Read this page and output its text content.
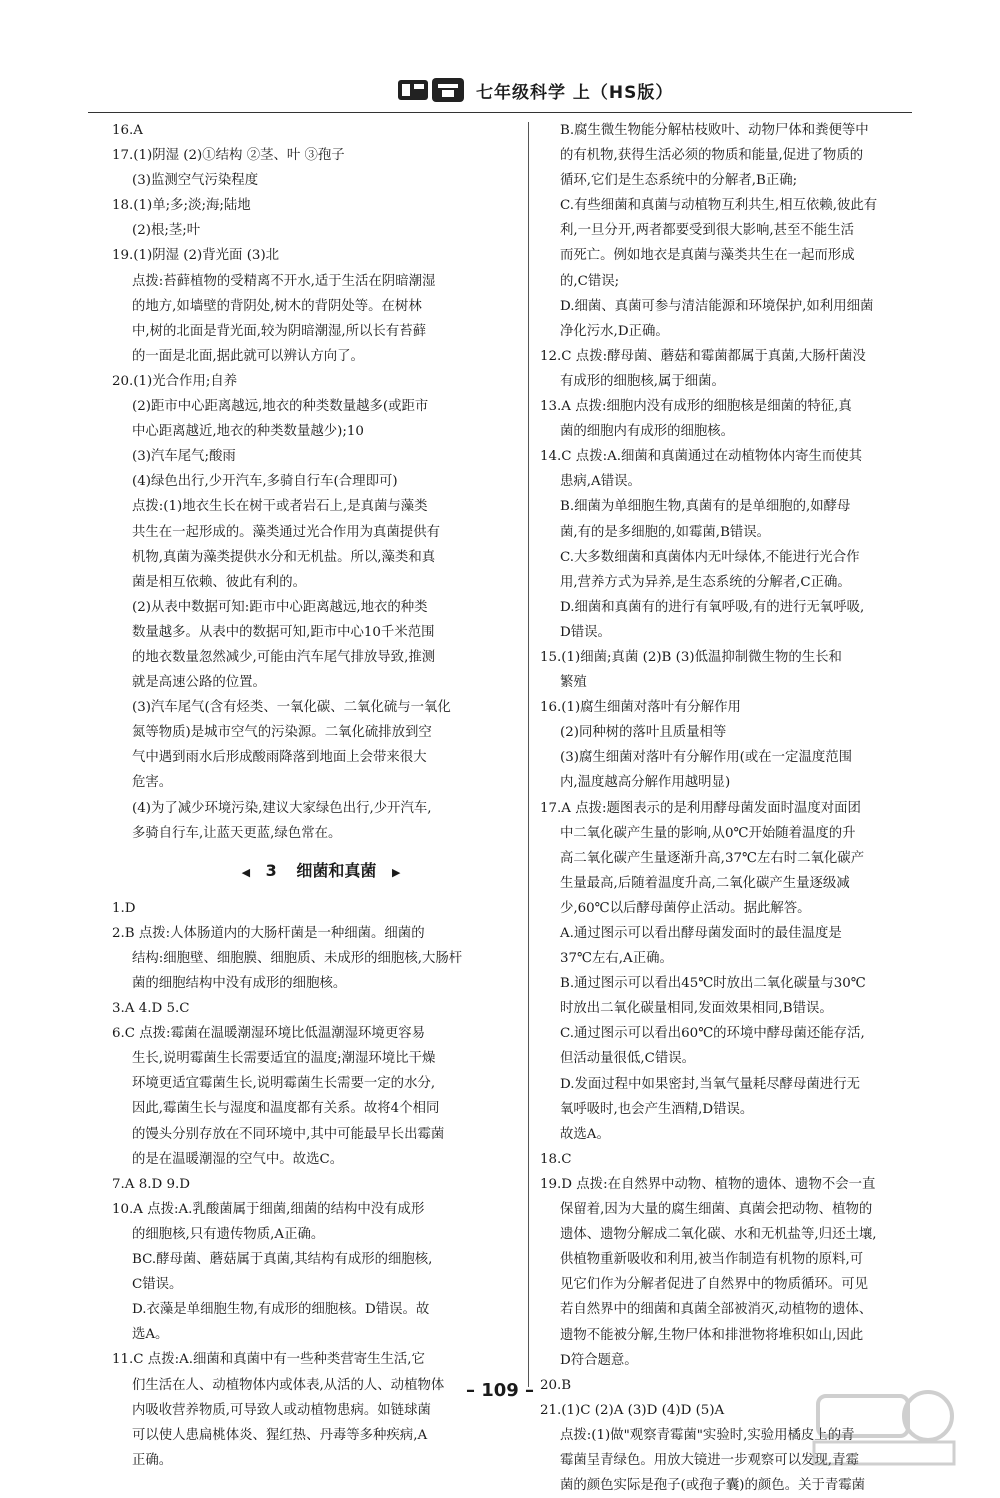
七年级科学 上（HS版）
16.A
17.(1)阴湿 (2)①结构 ②茎、叶 ③孢子
(3)监测空气污染程度
18.(1)单;多;淡;海;陆地
(2)根;茎;叶
19.(1)阴湿 (2)背光面 (3)北
点拨:苔藓植物的受精离不开水,适于生活在阴暗潮湿
的地方,如墙壁的背阴处,树木的背阴处等。在树林
中,树的北面是背光面,较为阴暗潮湿,所以长有苔藓
的一面是北面,据此就可以辨认方向了。
20.(1)光合作用;自养
(2)距市中心距离越远,地衣的种类数量越多(或距市
中心距离越近,地衣的种类数量越少);10
(3)汽车尾气;酸雨
(4)绿色出行,少开汽车,多骑自行车(合理即可)
点拨:(1)地衣生长在树干或者岩石上,是真菌与藻类
共生在一起形成的。藻类通过光合作用为真菌提供有
机物,真菌为藻类提供水分和无机盐。所以,藻类和真
菌是相互依赖、彼此有利的。
(2)从表中数据可知:距市中心距离越远,地衣的种类
数量越多。从表中的数据可知,距市中心10千米范围
的地衣数量忽然减少,可能由汽车尾气排放导致,推测
就是高速公路的位置。
(3)汽车尾气(含有烃类、一氧化碳、二氧化硫与一氧化
氮等物质)是城市空气的污染源。二氧化硫排放到空
气中遇到雨水后形成酸雨降落到地面上会带来很大
危害。
(4)为了减少环境污染,建议大家绿色出行,少开汽车,
多骑自行车,让蓝天更蓝,绿色常在。
◀ 3 细菌和真菌 ▶
1.D
2.B 点拨:人体肠道内的大肠杆菌是一种细菌。细菌的
结构:细胞壁、细胞膜、细胞质、未成形的细胞核,大肠杆
菌的细胞结构中没有成形的细胞核。
3.A 4.D 5.C
6.C 点拨:霉菌在温暖潮湿环境比低温潮湿环境更容易
生长,说明霉菌生长需要适宜的温度;潮湿环境比干燥
环境更适宜霉菌生长,说明霉菌生长需要一定的水分,
因此,霉菌生长与湿度和温度都有关系。故将4个相同
的馒头分别存放在不同环境中,其中可能最早长出霉菌
的是在温暖潮湿的空气中。故选C。
7.A 8.D 9.D
10.A 点拨:A.乳酸菌属于细菌,细菌的结构中没有成形
的细胞核,只有遗传物质,A正确。
BC.酵母菌、蘑菇属于真菌,其结构有成形的细胞核,
C错误。
D.衣藻是单细胞生物,有成形的细胞核。D错误。故
选A。
11.C 点拨:A.细菌和真菌中有一些种类营寄生生活,它
们生活在人、动植物体内或体表,从活的人、动植物体
内吸收营养物质,可导致人或动植物患病。如链球菌
可以使人患扁桃体炎、猩红热、丹毒等多种疾病,A
正确。
B.腐生微生物能分解枯枝败叶、动物尸体和粪便等中
的有机物,获得生活必须的物质和能量,促进了物质的
循环,它们是生态系统中的分解者,B正确;
C.有些细菌和真菌与动植物互利共生,相互依赖,彼此有
利,一旦分开,两者都要受到很大影响,甚至不能生活
而死亡。例如地衣是真菌与藻类共生在一起而形成
的,C错误;
D.细菌、真菌可参与清洁能源和环境保护,如利用细菌
净化污水,D正确。
12.C 点拨:酵母菌、蘑菇和霉菌都属于真菌,大肠杆菌没
有成形的细胞核,属于细菌。
13.A 点拨:细胞内没有成形的细胞核是细菌的特征,真
菌的细胞内有成形的细胞核。
14.C 点拨:A.细菌和真菌通过在动植物体内寄生而使其
患病,A错误。
B.细菌为单细胞生物,真菌有的是单细胞的,如酵母
菌,有的是多细胞的,如霉菌,B错误。
C.大多数细菌和真菌体内无叶绿体,不能进行光合作
用,营养方式为异养,是生态系统的分解者,C正确。
D.细菌和真菌有的进行有氧呼吸,有的进行无氧呼吸,
D错误。
15.(1)细菌;真菌 (2)B (3)低温抑制微生物的生长和
繁殖
16.(1)腐生细菌对落叶有分解作用
(2)同种树的落叶且质量相等
(3)腐生细菌对落叶有分解作用(或在一定温度范围
内,温度越高分解作用越明显)
17.A 点拨:题图表示的是利用酵母菌发面时温度对面团
中二氧化碳产生量的影响,从0℃开始随着温度的升
高二氧化碳产生量逐渐升高,37℃左右时二氧化碳产
生量最高,后随着温度升高,二氧化碳产生量逐级减
少,60℃以后酵母菌停止活动。据此解答。
A.通过图示可以看出酵母菌发面时的最佳温度是
37℃左右,A正确。
B.通过图示可以看出45℃时放出二氧化碳量与30℃
时放出二氧化碳量相同,发面效果相同,B错误。
C.通过图示可以看出60℃的环境中酵母菌还能存活,
但活动量很低,C错误。
D.发面过程中如果密封,当氧气量耗尽酵母菌进行无
氧呼吸时,也会产生酒精,D错误。
故选A。
18.C
19.D 点拨:在自然界中动物、植物的遗体、遗物不会一直
保留着,因为大量的腐生细菌、真菌会把动物、植物的
遗体、遗物分解成二氧化碳、水和无机盐等,归还土壤,
供植物重新吸收和利用,被当作制造有机物的原料,可
见它们作为分解者促进了自然界中的物质循环。可见
若自然界中的细菌和真菌全部被消灭,动植物的遗体、
遗物不能被分解,生物尸体和排泄物将堆积如山,因此
D符合题意。
20.B
21.(1)C (2)A (3)D (4)D (5)A
点拨:(1)做"观察青霉菌"实验时,实验用橘皮上的青
霉菌呈青绿色。用放大镜进一步观察可以发现,青霉
菌的颜色实际是孢子(或孢子囊)的颜色。关于青霉菌
– 109 –
